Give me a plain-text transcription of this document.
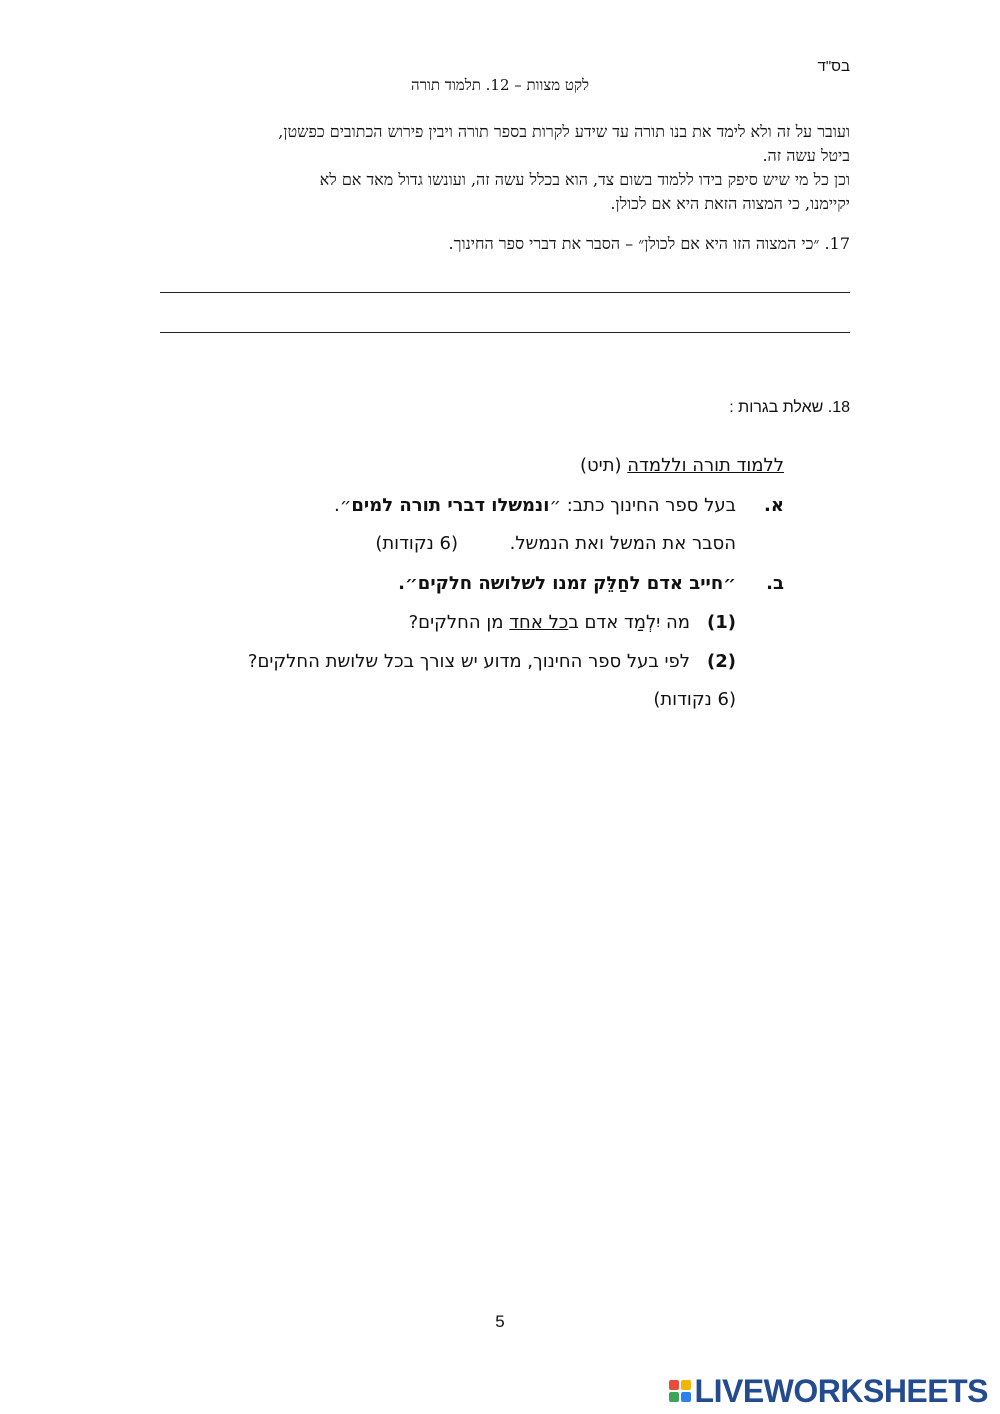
בס"ד
לקט מצוות – 12. תלמוד תורה
ועובר על זה ולא לימד את בנו תורה עד שידע לקרות בספר תורה ויבין פירוש הכתובים כפשטן,
ביטל עשה זה.
וכן כל מי שיש סיפק בידו ללמוד בשום צד, הוא בכלל עשה זה, ועונשו גדול מאד אם לא
יקיימנו, כי המצוה הזאת היא אם לכולן.
17. ״כי המצוה הזו היא אם לכולן״ – הסבר את דברי ספר החינוך.
18. שאלת בגרות :
ללמוד תורה וללמדה (תיט)
א.
בעל ספר החינוך כתב: ״ונמשלו דברי תורה למים״.
הסבר את המשל ואת הנמשל.
(6 נקודות)
ב.
״חייב אדם לחַלֵּק זמנו לשלושה חלקים״.
(1)
מה יִלְמַד אדם בכל אחד מן החלקים?
(2)
לפי בעל ספר החינוך, מדוע יש צורך בכל שלושת החלקים?
(6 נקודות)
5
LIVEWORKSHEETS
